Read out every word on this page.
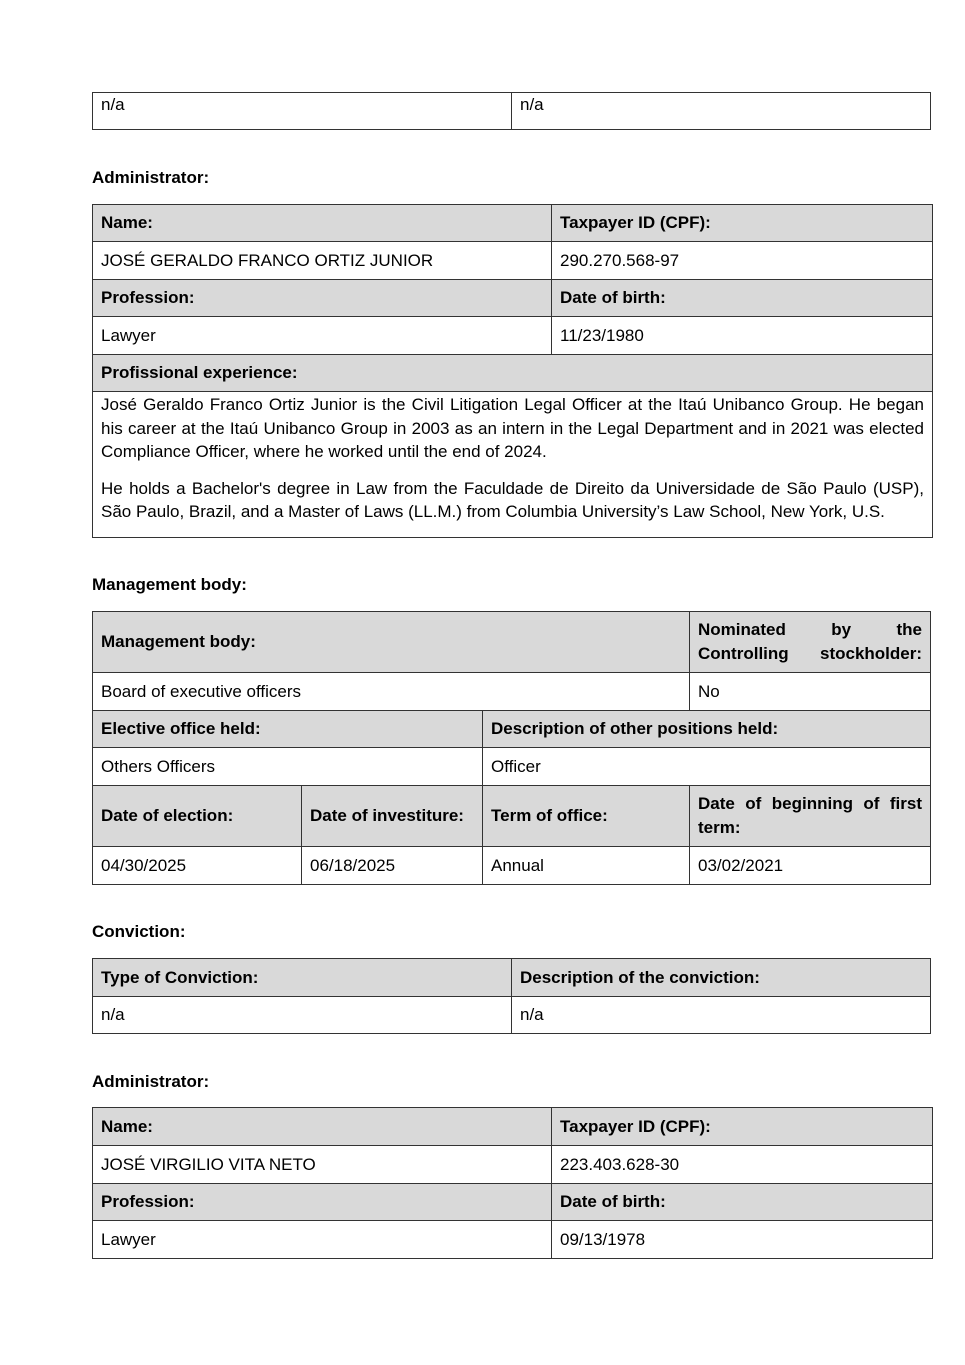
n/a	n/a
Administrator:
Name:	Taxpayer ID (CPF):
JOSÉ GERALDO FRANCO ORTIZ JUNIOR	290.270.568-97
Profession:	Date of birth:
Lawyer	11/23/1980
Profissional experience:	

José Geraldo Franco Ortiz Junior is the Civil Litigation Legal Officer at the Itaú Unibanco Group. He began his career at the Itaú Unibanco Group in 2003 as an intern in the Legal Department and in 2021 was elected Compliance Officer, where he worked until the end of 2024.
He holds a Bachelor's degree in Law from the Faculdade de Direito da Universidade de São Paulo (USP), São Paulo, Brazil, and a Master of Laws (LL.M.) from Columbia University’s Law School, New York, U.S.	
Management body:
Management body:			Nominated by the Controlling stockholder:
Board of executive officers			No
Elective office held:		Description of other positions held:	
Others Officers		Officer	
Date of election:	Date of investiture:	Term of office:	Date of beginning of first term:
04/30/2025	06/18/2025	Annual	03/02/2021
Conviction:
Type of Conviction:	Description of the conviction:
n/a	n/a
Administrator:
Name:	Taxpayer ID (CPF):
JOSÉ VIRGILIO VITA NETO	223.403.628-30
Profession:	Date of birth:
Lawyer	09/13/1978
